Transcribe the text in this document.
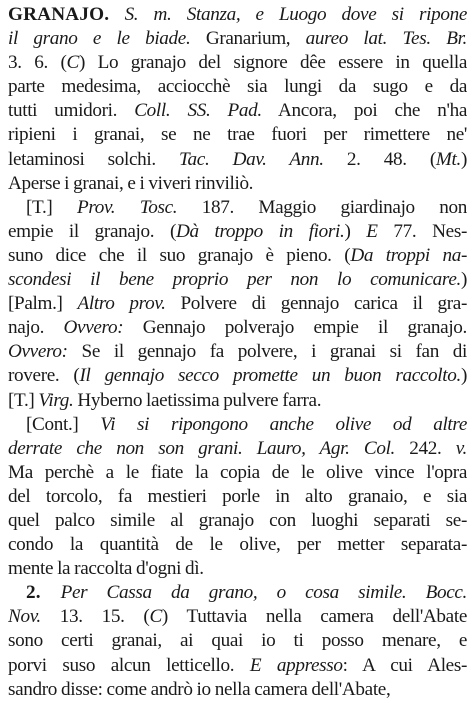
GRANAJO. S. m. Stanza, e Luogo dove si ripone
il grano e le biade. Granarium, aureo lat. Tes. Br.
3. 6. (C) Lo granajo del signore dêe essere in quella
parte medesima, acciocchè sia lungi da sugo e da
tutti umidori. Coll. SS. Pad. Ancora, poi che n'ha
ripieni i granai, se ne trae fuori per rimettere ne'
letaminosi solchi. Tac. Dav. Ann. 2. 48. (Mt.)
Aperse i granai, e i viveri rinviliò.

[T.] Prov. Tosc. 187. Maggio giardinajo non
empie il granajo. (Dà troppo in fiori.) E 77. Nes-
suno dice che il suo granajo è pieno. (Da troppi na-
scondesi il bene proprio per non lo comunicare.)
[Palm.] Altro prov. Polvere di gennajo carica il gra-
najo. Ovvero: Gennajo polverajo empie il granajo.
Ovvero: Se il gennajo fa polvere, i granai si fan di
rovere. (Il gennajo secco promette un buon raccolto.)
[T.] Virg. Hyberno laetissima pulvere farra.

[Cont.] Vi si ripongono anche olive od altre
derrate che non son grani. Lauro, Agr. Col. 242. v.
Ma perchè a le fiate la copia de le olive vince l'opra
del torcolo, fa mestieri porle in alto granaio, e sia
quel palco simile al granajo con luoghi separati se-
condo la quantità de le olive, per metter separata-
mente la raccolta d'ogni dì.

2. Per Cassa da grano, o cosa simile. Bocc.
Nov. 13. 15. (C) Tuttavia nella camera dell'Abate
sono certi granai, ai quai io ti posso menare, e
porvi suso alcun letticello. E appresso: A cui Ales-
sandro disse: come andrò io nella camera dell'Abate,
